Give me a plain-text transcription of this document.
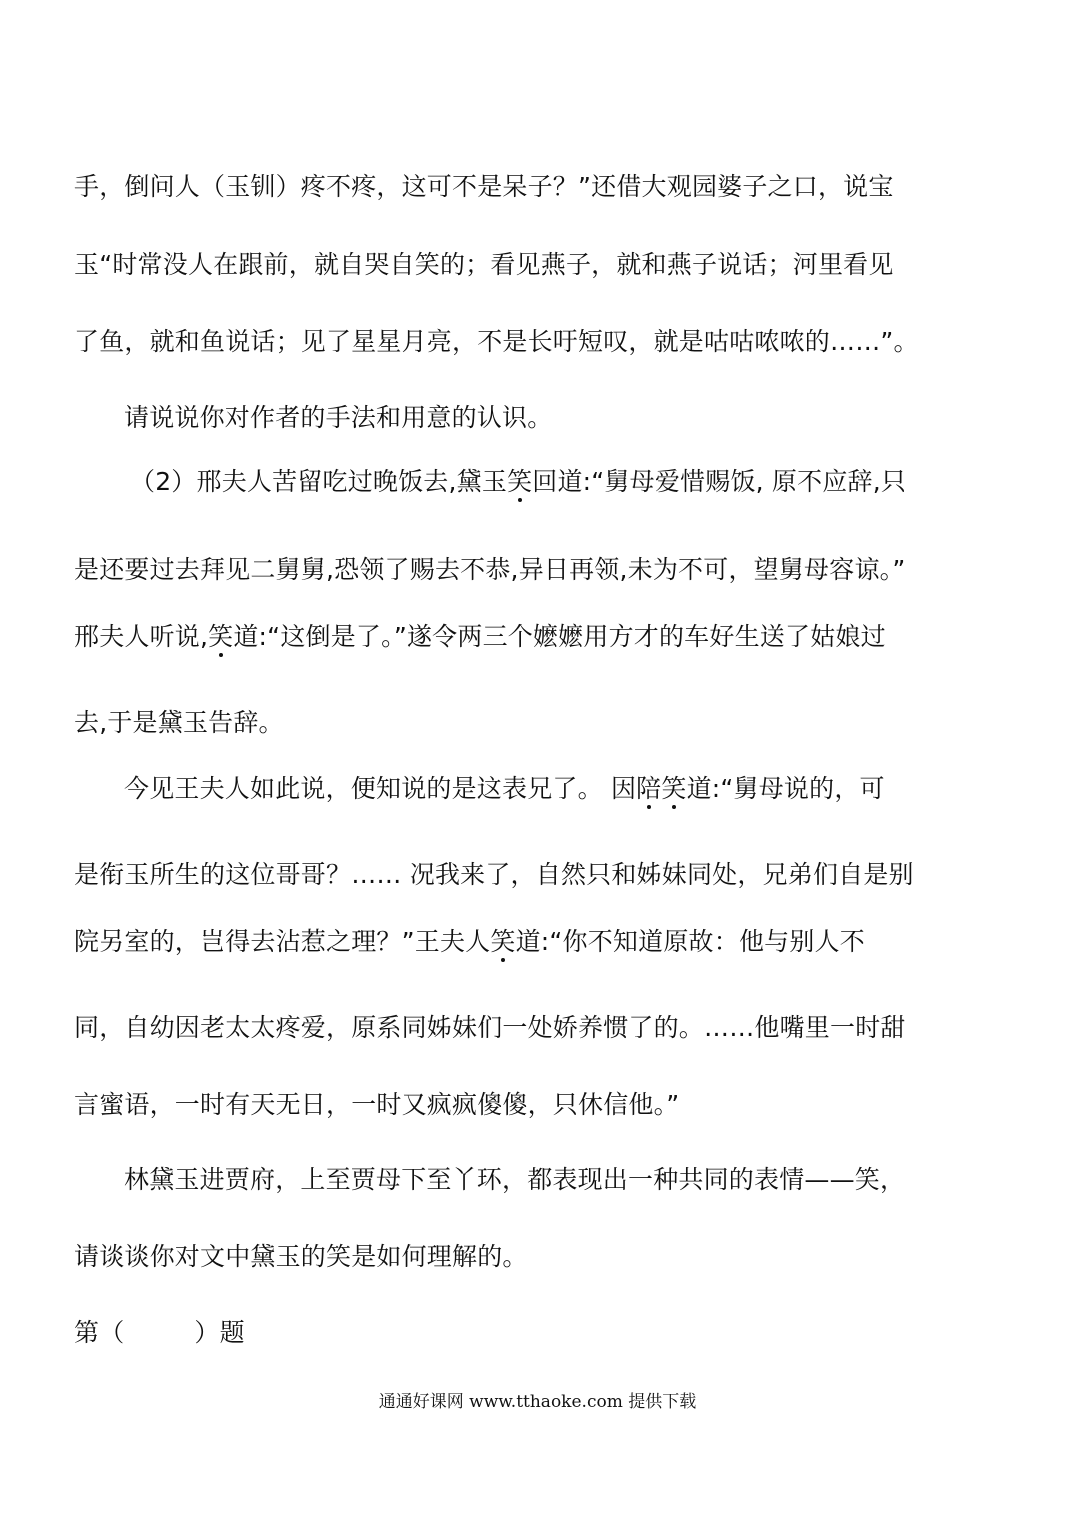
手，倒问人（玉钏）疼不疼，这可不是呆子？”还借大观园婆子之口，说宝
玉“时常没人在跟前，就自哭自笑的；看见燕子，就和燕子说话；河里看见
了鱼，就和鱼说话；见了星星月亮，不是长吁短叹，就是咕咕哝哝的……”。
请说说你对作者的手法和用意的认识。
（2）邢夫人苦留吃过晚饭去,黛玉笑回道:“舅母爱惜赐饭, 原不应辞,只
是还要过去拜见二舅舅,恐领了赐去不恭,异日再领,未为不可，望舅母容谅。”
邢夫人听说,笑道:“这倒是了。”遂令两三个嬷嬷用方才的车好生送了姑娘过
去,于是黛玉告辞。
今见王夫人如此说，便知说的是这表兄了。 因陪笑道:“舅母说的，可
是衔玉所生的这位哥哥？…… 况我来了，自然只和姊妹同处，兄弟们自是别
院另室的，岂得去沾惹之理？”王夫人笑道:“你不知道原故：他与别人不
同，自幼因老太太疼爱，原系同姊妹们一处娇养惯了的。……他嘴里一时甜
言蜜语，一时有天无日，一时又疯疯傻傻，只休信他。”
林黛玉进贾府，上至贾母下至丫环，都表现出一种共同的表情——笑，
请谈谈你对文中黛玉的笑是如何理解的。
第（	）题
通通好课网 www.tthaoke.com 提供下载
